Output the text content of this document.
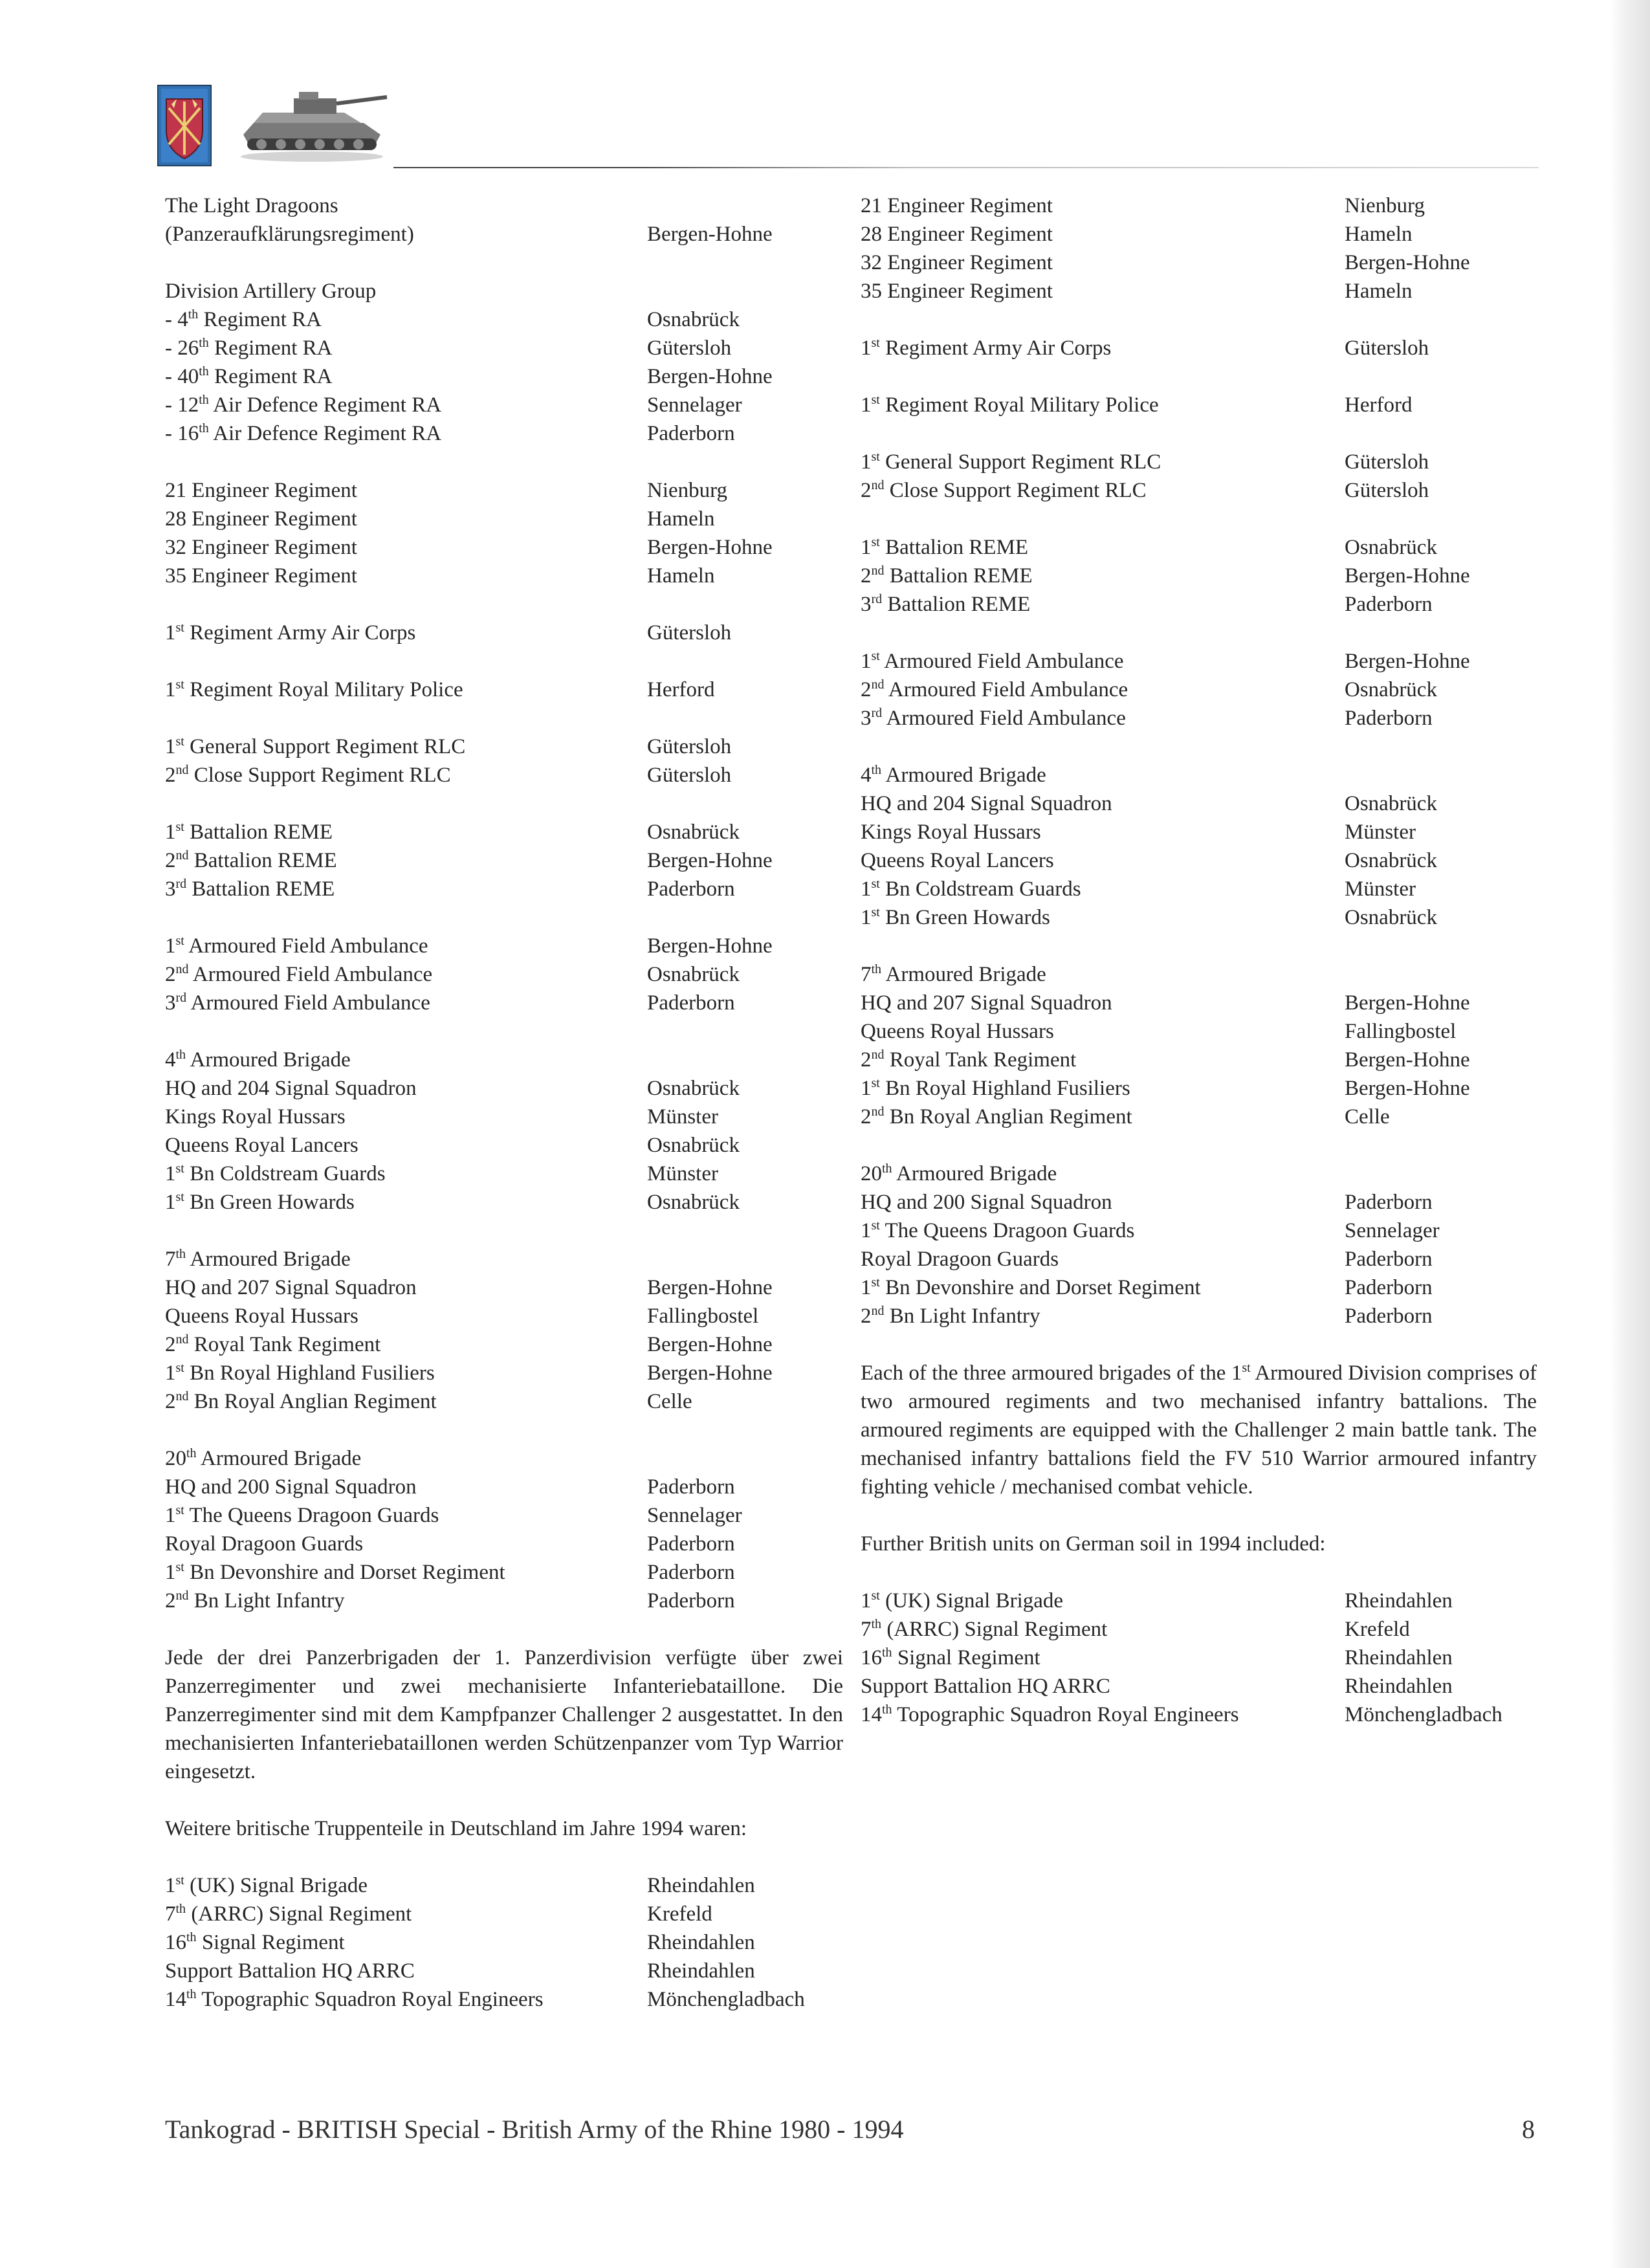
The Light Dragoons
(Panzeraufklärungsregiment)	Bergen-Hohne
Division Artillery Group
- 4th Regiment RA	Osnabrück
- 26th Regiment RA	Gütersloh
- 40th Regiment RA	Bergen-Hohne
- 12th Air Defence Regiment RA	Sennelager
- 16th Air Defence Regiment RA	Paderborn
21 Engineer Regiment	Nienburg
28 Engineer Regiment	Hameln
32 Engineer Regiment	Bergen-Hohne
35 Engineer Regiment	Hameln
1st Regiment Army Air Corps	Gütersloh
1st Regiment Royal Military Police	Herford
1st General Support Regiment RLC	Gütersloh
2nd Close Support Regiment RLC	Gütersloh
1st Battalion REME	Osnabrück
2nd Battalion REME	Bergen-Hohne
3rd Battalion REME	Paderborn
1st Armoured Field Ambulance	Bergen-Hohne
2nd Armoured Field Ambulance	Osnabrück
3rd Armoured Field Ambulance	Paderborn
4th Armoured Brigade
HQ and 204 Signal Squadron	Osnabrück
Kings Royal Hussars	Münster
Queens Royal Lancers	Osnabrück
1st Bn Coldstream Guards	Münster
1st Bn Green Howards	Osnabrück
7th Armoured Brigade
HQ and 207 Signal Squadron	Bergen-Hohne
Queens Royal Hussars	Fallingbostel
2nd Royal Tank Regiment	Bergen-Hohne
1st Bn Royal Highland Fusiliers	Bergen-Hohne
2nd Bn Royal Anglian Regiment	Celle
20th Armoured Brigade
HQ and 200 Signal Squadron	Paderborn
1st The Queens Dragoon Guards	Sennelager
Royal Dragoon Guards	Paderborn
1st Bn Devonshire and Dorset Regiment	Paderborn
2nd Bn Light Infantry	Paderborn

Jede der drei Panzerbrigaden der 1. Panzerdivision verfügte über zwei Panzerregimenter und zwei mechanisierte Infanteriebataillone. Die Panzerregimenter sind mit dem Kampfpanzer Challenger 2 ausgestattet. In den mechanisierten Infanteriebataillonen werden Schützenpanzer vom Typ Warrior eingesetzt.

Weitere britische Truppenteile in Deutschland im Jahre 1994 waren:
1st (UK) Signal Brigade	Rheindahlen
7th (ARRC) Signal Regiment	Krefeld
16th Signal Regiment	Rheindahlen
Support Battalion HQ ARRC	Rheindahlen
14th Topographic Squadron Royal Engineers	Mönchengladbach
21 Engineer Regiment	Nienburg
28 Engineer Regiment	Hameln
32 Engineer Regiment	Bergen-Hohne
35 Engineer Regiment	Hameln
1st Regiment Army Air Corps	Gütersloh
1st Regiment Royal Military Police	Herford
1st General Support Regiment RLC	Gütersloh
2nd Close Support Regiment RLC	Gütersloh
1st Battalion REME	Osnabrück
2nd Battalion REME	Bergen-Hohne
3rd Battalion REME	Paderborn
1st Armoured Field Ambulance	Bergen-Hohne
2nd Armoured Field Ambulance	Osnabrück
3rd Armoured Field Ambulance	Paderborn
4th Armoured Brigade
HQ and 204 Signal Squadron	Osnabrück
Kings Royal Hussars	Münster
Queens Royal Lancers	Osnabrück
1st Bn Coldstream Guards	Münster
1st Bn Green Howards	Osnabrück
7th Armoured Brigade
HQ and 207 Signal Squadron	Bergen-Hohne
Queens Royal Hussars	Fallingbostel
2nd Royal Tank Regiment	Bergen-Hohne
1st Bn Royal Highland Fusiliers	Bergen-Hohne
2nd Bn Royal Anglian Regiment	Celle
20th Armoured Brigade
HQ and 200 Signal Squadron	Paderborn
1st The Queens Dragoon Guards	Sennelager
Royal Dragoon Guards	Paderborn
1st Bn Devonshire and Dorset Regiment	Paderborn
2nd Bn Light Infantry	Paderborn

Each of the three armoured brigades of the 1st Armoured Division comprises of two armoured regiments and two mechanised infantry battalions. The armoured regiments are equipped with the Challenger 2 main battle tank. The mechanised infantry battalions field the FV 510 Warrior armoured infantry fighting vehicle / mechanised combat vehicle.

Further British units on German soil in 1994 included:
1st (UK) Signal Brigade	Rheindahlen
7th (ARRC) Signal Regiment	Krefeld
16th Signal Regiment	Rheindahlen
Support Battalion HQ ARRC	Rheindahlen
14th Topographic Squadron Royal Engineers	Mönchengladbach
Tankograd - BRITISH Special - British Army of the Rhine 1980 - 1994	8
